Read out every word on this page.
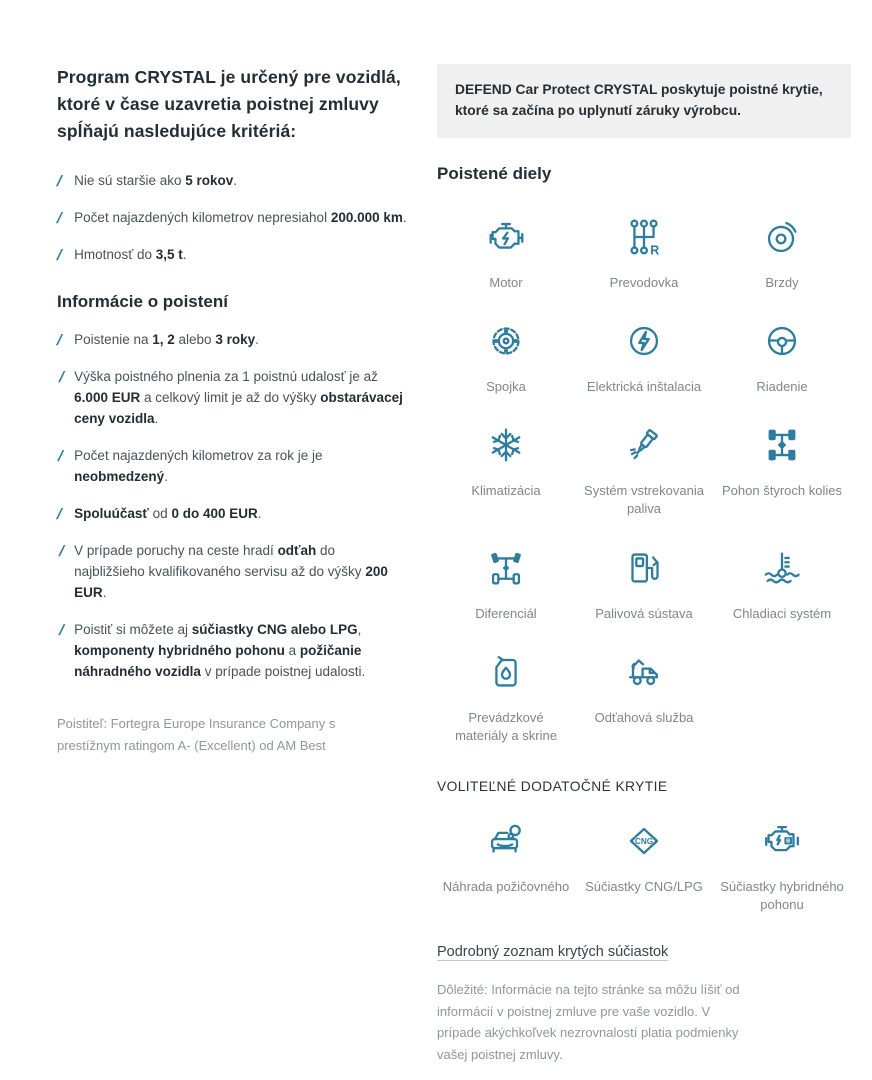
Program CRYSTAL je určený pre vozidlá, ktoré v čase uzavretia poistnej zmluvy spĺňajú nasledujúce kritériá:
/ Nie sú staršie ako 5 rokov.
/ Počet najazdených kilometrov nepresiahol 200.000 km.
/ Hmotnosť do 3,5 t.
Informácie o poistení
/ Poistenie na 1, 2 alebo 3 roky.
/ Výška poistného plnenia za 1 poistnú udalosť je až 6.000 EUR a celkový limit je až do výšky obstarávacej ceny vozidla.
/ Počet najazdených kilometrov za rok je je neobmedzený.
/ Spoluúčasť od 0 do 400 EUR.
/ V prípade poruchy na ceste hradí odťah do najbližšieho kvalifikovaného servisu až do výšky 200 EUR.
/ Poistiť si môžete aj súčiastky CNG alebo LPG, komponenty hybridného pohonu a požičanie náhradného vozidla v prípade poistnej udalosti.

Poistiteľ: Fortegra Europe Insurance Company s prestížnym ratingom A- (Excellent) od AM Best

DEFEND Car Protect CRYSTAL poskytuje poistné krytie, ktoré sa začína po uplynutí záruky výrobcu.
Poistené diely
Motor
R
Prevodovka	Brzdy
Spojka	Elektrická inštalacia	Riadenie
Klimatizácia	Systém vstrekovania paliva
Pohon štyroch kolies
Diferenciál	Palivová sústava	Chladiaci systém
Prevádzkové materiály a skrine
Odťahová služba
VOLITEĽNÉ DODATOČNÉ KRYTIE
Náhrada požičovného
CNG
Súčiastky CNG/LPG
B
Súčiastky hybridného pohonu
Podrobný zoznam krytých súčiastok

Dôležité: Informácie na tejto stránke sa môžu líšiť od informácií v poistnej zmluve pre vaše vozidlo. V prípade akýchkoľvek nezrovnalostí platia podmienky vašej poistnej zmluvy.
